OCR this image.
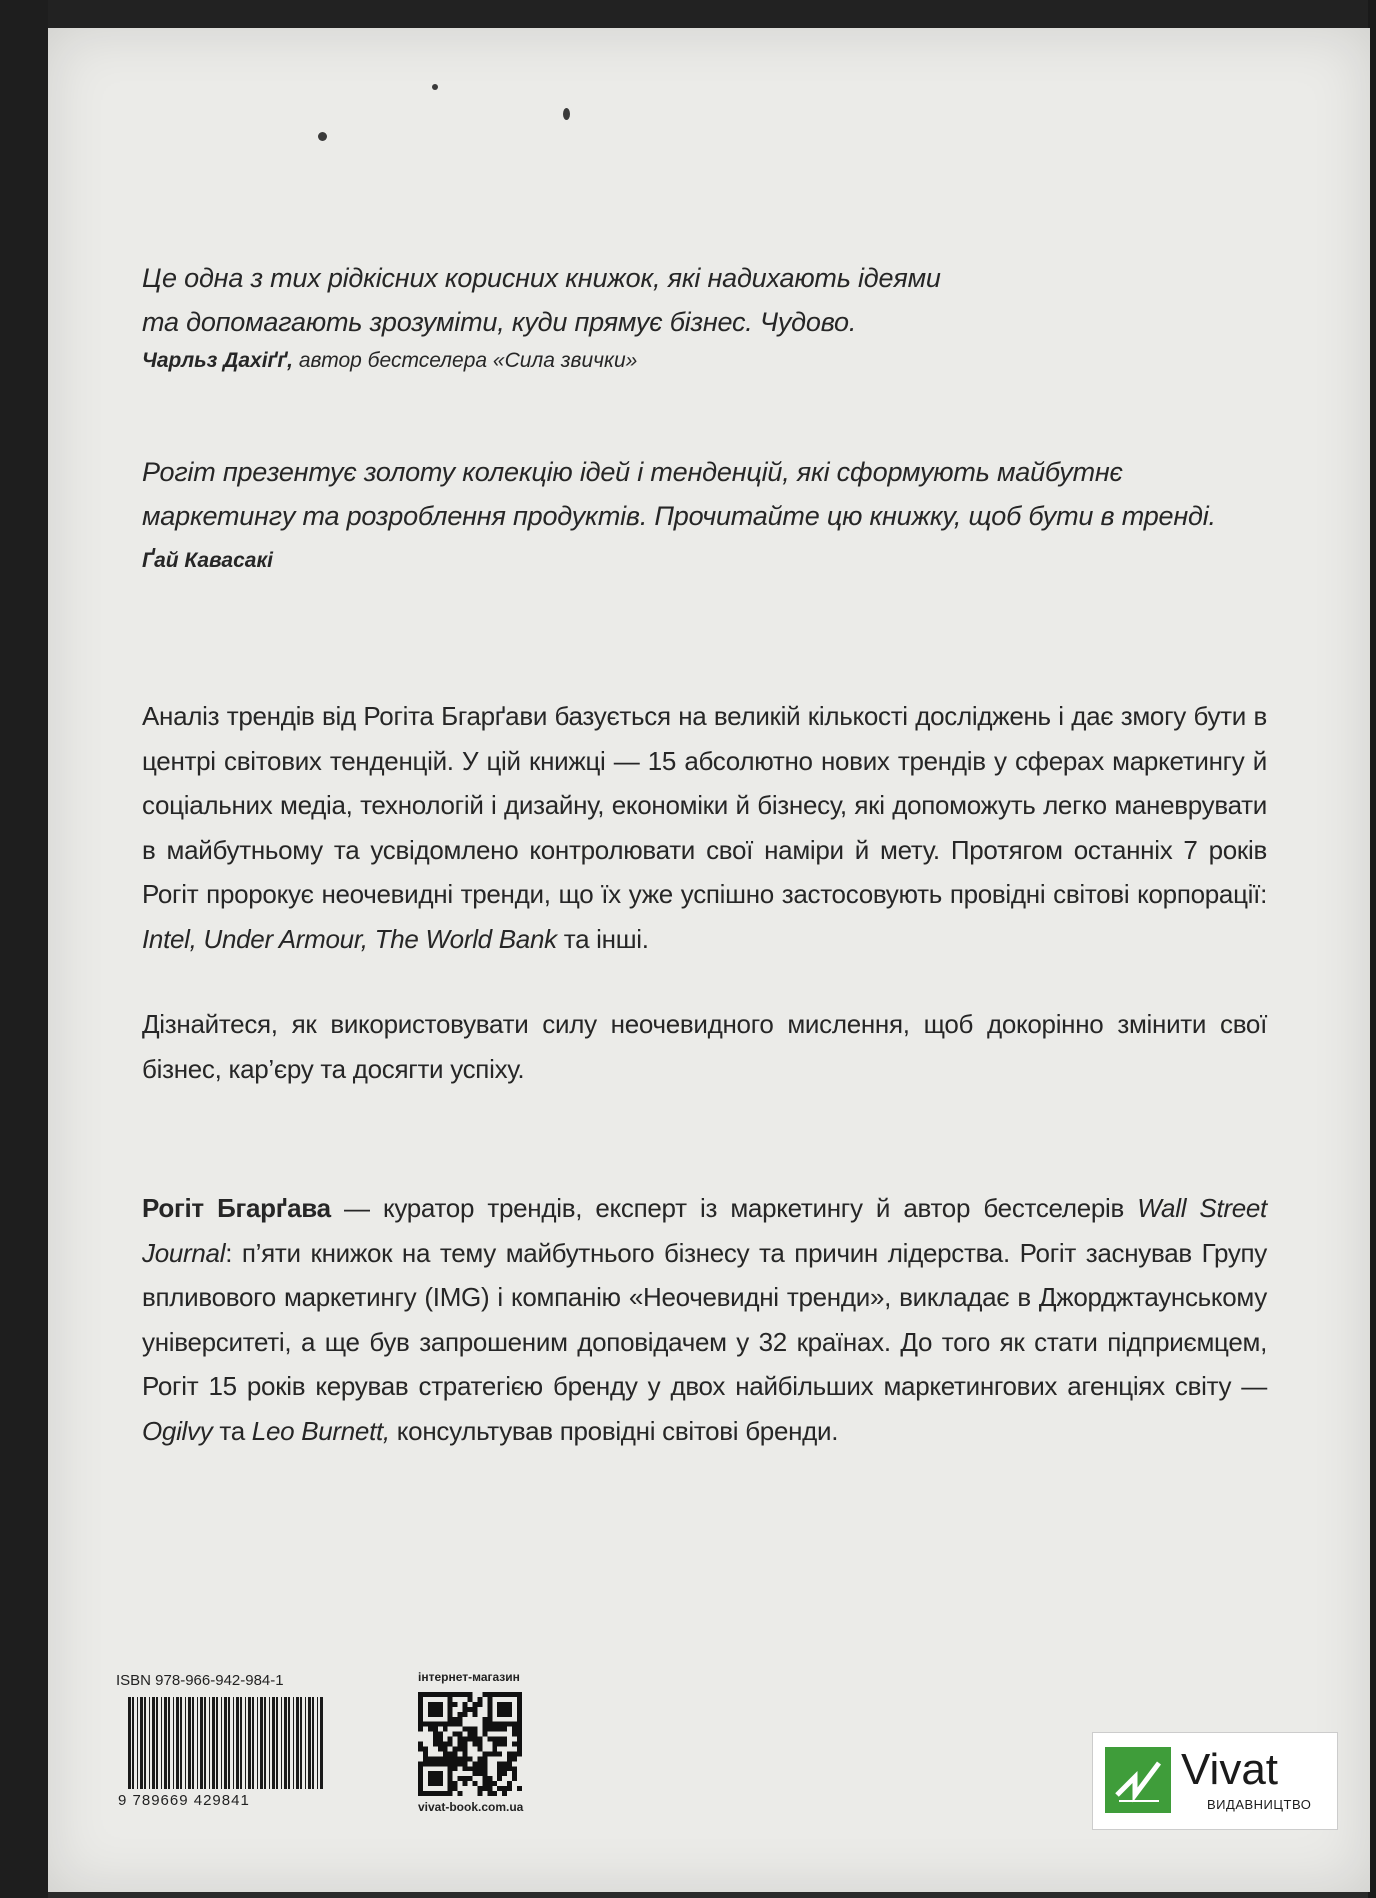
Це одна з тих рідкісних корисних книжок, які надихають ідеями
та допомагають зрозуміти, куди прямує бізнес. Чудово.
Чарльз Дахіґґ, автор бестселера «Сила звички»
Рогіт презентує золоту колекцію ідей і тенденцій, які сформують майбутнє
маркетингу та розроблення продуктів. Прочитайте цю книжку, щоб бути в тренді.
Ґай Кавасакі
Аналіз трендів від Рогіта Бгарґави базується на великій кількості досліджень і дає змогу бути в центрі світових тенденцій. У цій книжці — 15 абсолютно нових трендів у сферах маркетингу й соціальних медіа, технологій і дизайну, економіки й бізнесу, які допоможуть легко маневрувати в майбутньому та усвідомлено контролювати свої наміри й мету. Протягом останніх 7 років Рогіт пророкує неочевидні тренди, що їх уже успішно застосовують провідні світові корпорації: Intel, Under Armour, The World Bank та інші.
Дізнайтеся, як використовувати силу неочевидного мислення, щоб докорінно змінити свої бізнес, кар’єру та досягти успіху.
Рогіт Бгарґава — куратор трендів, експерт із маркетингу й автор бестселерів Wall Street Journal: п’яти книжок на тему майбутнього бізнесу та причин лідерства. Рогіт заснував Групу впливового маркетингу (IMG) і компанію «Неочевидні тренди», викладає в Джорджтаунському університеті, а ще був запрошеним доповідачем у 32 країнах. До того як стати підприємцем, Рогіт 15 років керував стратегією бренду у двох найбільших маркетингових агенціях світу — Ogilvy та Leo Burnett, консультував провідні світові бренди.
ISBN 978-966-942-984-1
9 789669 429841
інтернет-магазин
vivat-book.com.ua
Vivat
ВИДАВНИЦТВО
